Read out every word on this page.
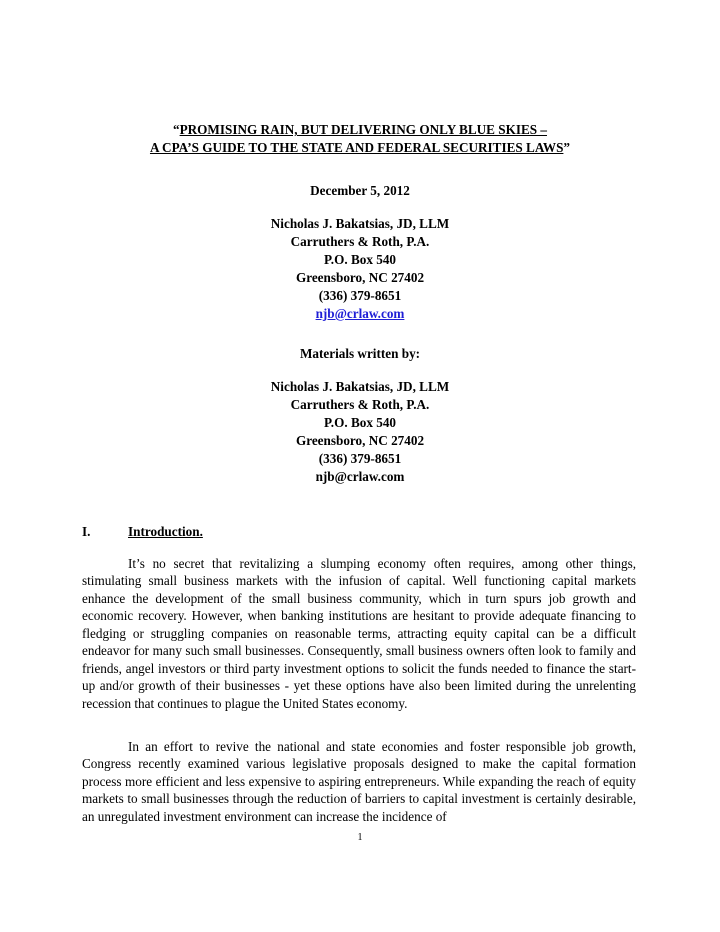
“PROMISING RAIN, BUT DELIVERING ONLY BLUE SKIES –
A CPA’S GUIDE TO THE STATE AND FEDERAL SECURITIES LAWS”
December 5, 2012
Nicholas J. Bakatsias, JD, LLM
Carruthers & Roth, P.A.
P.O. Box 540
Greensboro, NC 27402
(336) 379-8651
njb@crlaw.com
Materials written by:
Nicholas J. Bakatsias, JD, LLM
Carruthers & Roth, P.A.
P.O. Box 540
Greensboro, NC 27402
(336) 379-8651
njb@crlaw.com
I.	Introduction.

It’s no secret that revitalizing a slumping economy often requires, among other things, stimulating small business markets with the infusion of capital. Well functioning capital markets enhance the development of the small business community, which in turn spurs job growth and economic recovery. However, when banking institutions are hesitant to provide adequate financing to fledging or struggling companies on reasonable terms, attracting equity capital can be a difficult endeavor for many such small businesses. Consequently, small business owners often look to family and friends, angel investors or third party investment options to solicit the funds needed to finance the start-up and/or growth of their businesses - yet these options have also been limited during the unrelenting recession that continues to plague the United States economy.

In an effort to revive the national and state economies and foster responsible job growth, Congress recently examined various legislative proposals designed to make the capital formation process more efficient and less expensive to aspiring entrepreneurs. While expanding the reach of equity markets to small businesses through the reduction of barriers to capital investment is certainly desirable, an unregulated investment environment can increase the incidence of

1
